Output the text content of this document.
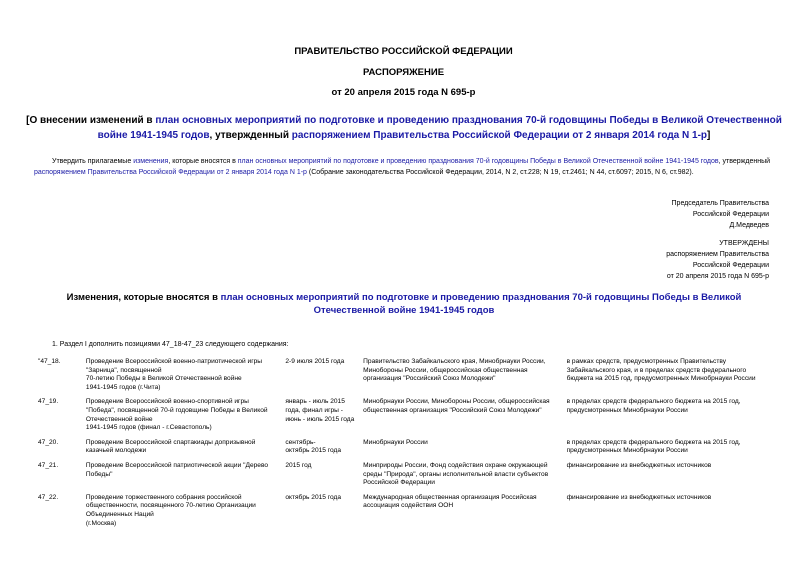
ПРАВИТЕЛЬСТВО РОССИЙСКОЙ ФЕДЕРАЦИИ
РАСПОРЯЖЕНИЕ
от 20 апреля 2015 года N 695-р
[О внесении изменений в план основных мероприятий по подготовке и проведению празднования 70-й годовщины Победы в Великой Отечественной войне 1941-1945 годов, утвержденный распоряжением Правительства Российской Федерации от 2 января 2014 года N 1-р]
Утвердить прилагаемые изменения, которые вносятся в план основных мероприятий по подготовке и проведению празднования 70-й годовщины Победы в Великой Отечественной войне 1941-1945 годов, утвержденный распоряжением Правительства Российской Федерации от 2 января 2014 года N 1-р (Собрание законодательства Российской Федерации, 2014, N 2, ст.228; N 19, ст.2461; N 44, ст.6097; 2015, N 6, ст.982).
Председатель Правительства
Российской Федерации
Д.Медведев
УТВЕРЖДЕНЫ
распоряжением Правительства
Российской Федерации
от 20 апреля 2015 года N 695-р
Изменения, которые вносятся в план основных мероприятий по подготовке и проведению празднования 70-й годовщины Победы в Великой Отечественной войне 1941-1945 годов
1. Раздел I дополнить позициями 47_18-47_23 следующего содержания:
"47_18.	Проведение Всероссийской военно-патриотической игры "Зарница", посвященной
70-летию Победы в Великой Отечественной войне
1941-1945 годов (г.Чита)	2-9 июля 2015 года	Правительство Забайкальского края, Минобрнауки России, Минобороны России, общероссийская общественная организация "Российский Союз Молодежи"	в рамках средств, предусмотренных Правительству Забайкальского края, и в пределах средств федерального бюджета на 2015 год, предусмотренных Минобрнауки России
47_19.	Проведение Всероссийской военно-спортивной игры "Победа", посвященной 70-й годовщине Победы в Великой Отечественной войне
1941-1945 годов (финал - г.Севастополь)	январь - июль 2015 года, финал игры - июнь - июль 2015 года	Минобрнауки России, Минобороны России, общероссийская общественная организация "Российский Союз Молодежи"	в пределах средств федерального бюджета на 2015 год, предусмотренных Минобрнауки России
47_20.	Проведение Всероссийской спартакиады допризывной казачьей молодежи	сентябрь-
октябрь 2015 года	Минобрнауки России	в пределах средств федерального бюджета на 2015 год, предусмотренных Минобрнауки России
47_21.	Проведение Всероссийской патриотической акции "Дерево Победы"	2015 год	Минприроды России, Фонд содействия охране окружающей среды "Природа", органы исполнительной власти субъектов Российской Федерации	финансирование из внебюджетных источников
47_22.	Проведение торжественного собрания российской общественности, посвященного 70-летию Организации Объединенных Наций
(г.Москва)	октябрь 2015 года	Международная общественная организация Российская ассоциация содействия ООН	финансирование из внебюджетных источников
